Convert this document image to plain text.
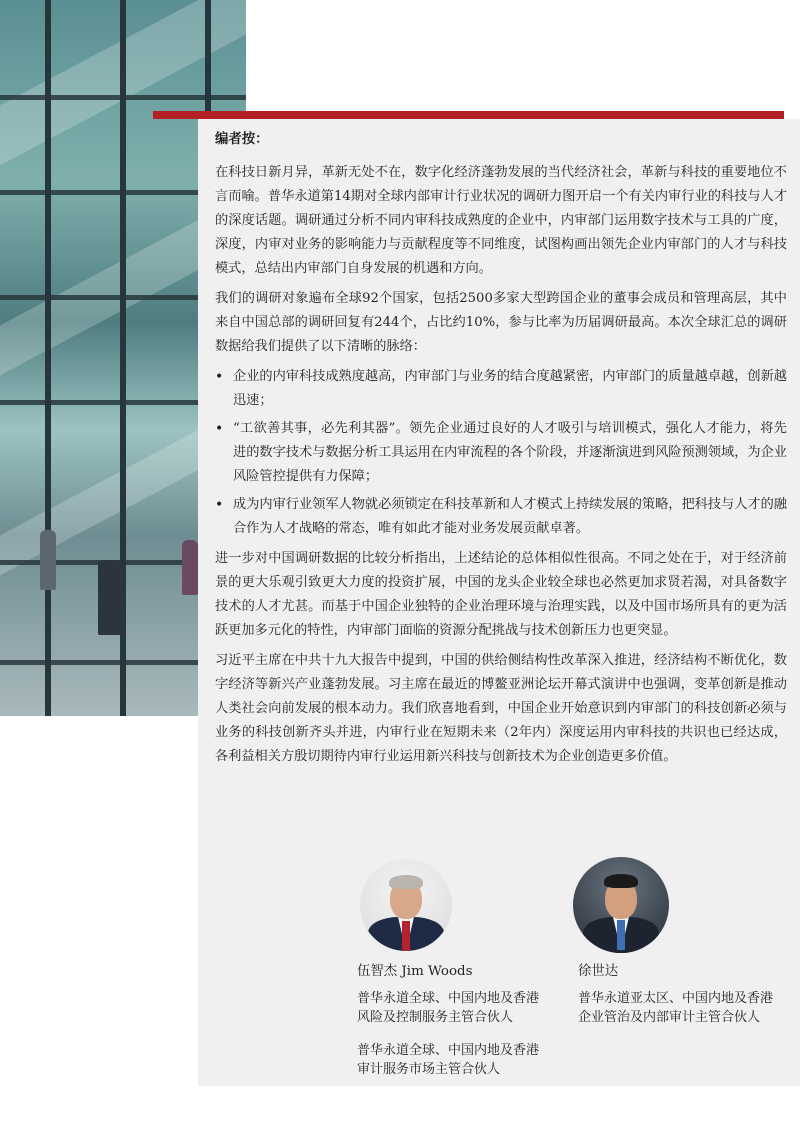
编者按：

在科技日新月异，革新无处不在，数字化经济蓬勃发展的当代经济社会，革新与科技的重要地位不言而喻。普华永道第14期对全球内部审计行业状况的调研力图开启一个有关内审行业的科技与人才的深度话题。调研通过分析不同内审科技成熟度的企业中，内审部门运用数字技术与工具的广度，深度，内审对业务的影响能力与贡献程度等不同维度，试图构画出领先企业内审部门的人才与科技模式，总结出内审部门自身发展的机遇和方向。

我们的调研对象遍布全球92个国家，包括2500多家大型跨国企业的董事会成员和管理高层，其中来自中国总部的调研回复有244个，占比约10%，参与比率为历届调研最高。本次全球汇总的调研数据给我们提供了以下清晰的脉络：

• 企业的内审科技成熟度越高，内审部门与业务的结合度越紧密，内审部门的质量越卓越，创新越迅速；
• “工欲善其事，必先利其器”。领先企业通过良好的人才吸引与培训模式，强化人才能力，将先进的数字技术与数据分析工具运用在内审流程的各个阶段，并逐渐演进到风险预测领域，为企业风险管控提供有力保障；
• 成为内审行业领军人物就必须锁定在科技革新和人才模式上持续发展的策略，把科技与人才的融合作为人才战略的常态，唯有如此才能对业务发展贡献卓著。

进一步对中国调研数据的比较分析指出，上述结论的总体相似性很高。不同之处在于，对于经济前景的更大乐观引致更大力度的投资扩展，中国的龙头企业较全球也必然更加求贤若渴，对具备数字技术的人才尤甚。而基于中国企业独特的企业治理环境与治理实践，以及中国市场所具有的更为活跃更加多元化的特性，内审部门面临的资源分配挑战与技术创新压力也更突显。

习近平主席在中共十九大报告中提到，中国的供给侧结构性改革深入推进，经济结构不断优化，数字经济等新兴产业蓬勃发展。习主席在最近的博鳌亚洲论坛开幕式演讲中也强调，变革创新是推动人类社会向前发展的根本动力。我们欣喜地看到，中国企业开始意识到内审部门的科技创新必须与业务的科技创新齐头并进，内审行业在短期未来（2年内）深度运用内审科技的共识也已经达成，各利益相关方殷切期待内审行业运用新兴科技与创新技术为企业创造更多价值。

伍智杰 Jim Woods
普华永道全球、中国内地及香港
风险及控制服务主管合伙人
普华永道全球、中国内地及香港
审计服务市场主管合伙人
徐世达
普华永道亚太区、中国内地及香港
企业管治及内部审计主管合伙人
